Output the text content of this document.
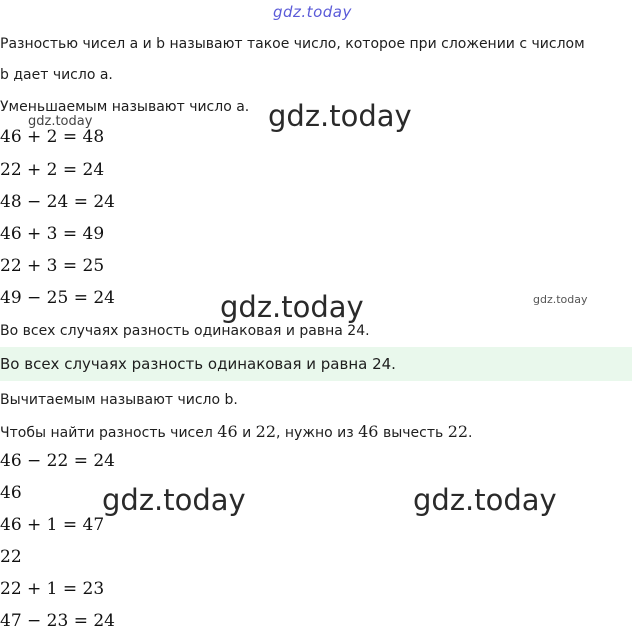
gdz.today
Разностью чисел а и b называют такое число, которое при сложении с числом
b дает число а.
Уменьшаемым называют число а. gdz.today
gdz.today
46 + 2 = 48
22 + 2 = 24
48 − 24 = 24
46 + 3 = 49
22 + 3 = 25
49 − 25 = 24	gdz.today	gdz.today
Во всех случаях разность одинаковая и равна 24.
Во всех случаях разность одинаковая и равна 24.
Вычитаемым называют число b.
Чтобы найти разность чисел 46 и 22, нужно из 46 вычесть 22.
46 − 22 = 24
46
46 + 1 = 47
22
22 + 1 = 23
47 − 23 = 24
gdz.today	gdz.today
